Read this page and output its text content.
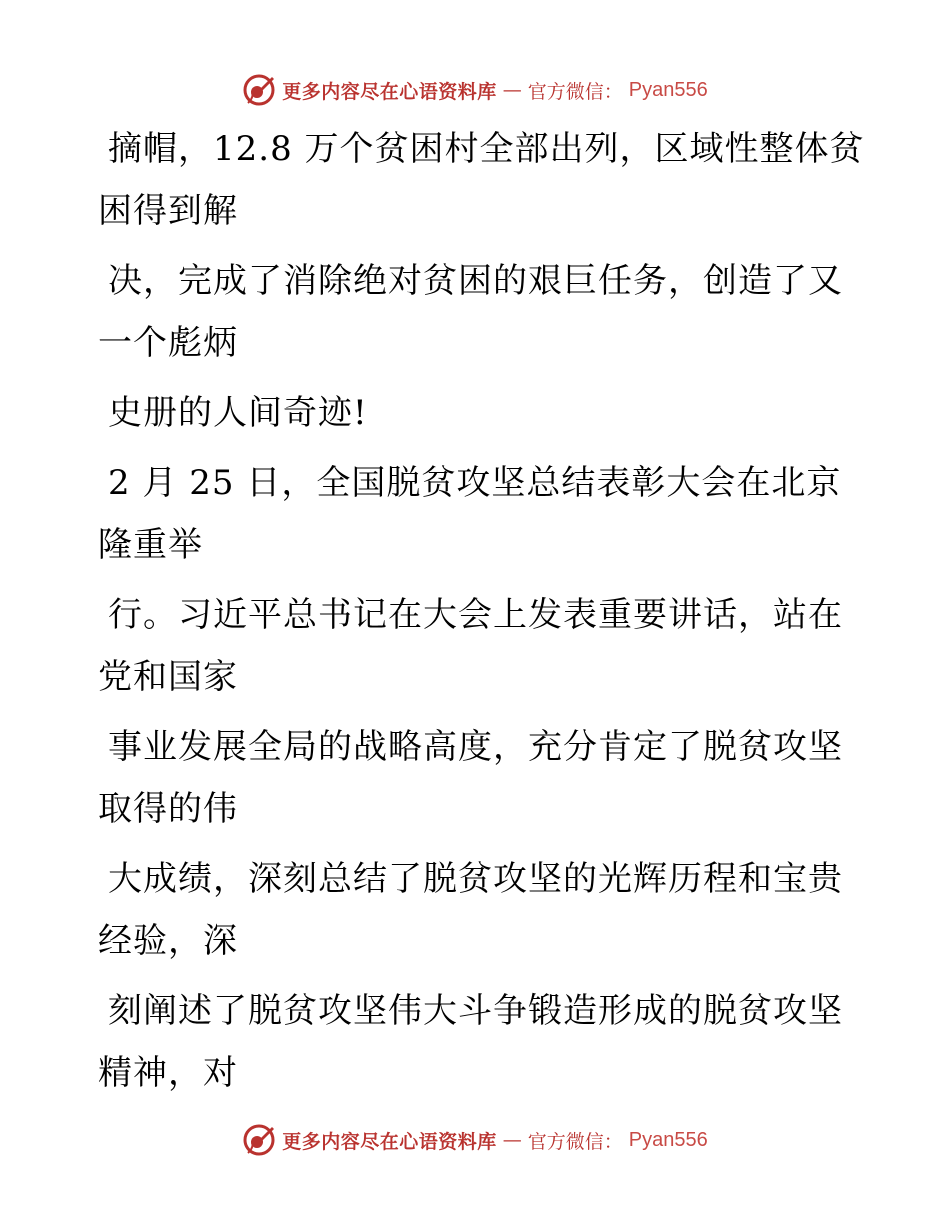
更多内容尽在心语资料库 — 官方微信： Pyan556

摘帽，12.8 万个贫困村全部出列，区域性整体贫
困得到解

决，完成了消除绝对贫困的艰巨任务，创造了又
一个彪炳

史册的人间奇迹!

2 月 25 日，全国脱贫攻坚总结表彰大会在北京
隆重举

行。习近平总书记在大会上发表重要讲话，站在
党和国家

事业发展全局的战略高度，充分肯定了脱贫攻坚
取得的伟

大成绩，深刻总结了脱贫攻坚的光辉历程和宝贵
经验，深

刻阐述了脱贫攻坚伟大斗争锻造形成的脱贫攻坚
精神，对

更多内容尽在心语资料库 — 官方微信： Pyan556
